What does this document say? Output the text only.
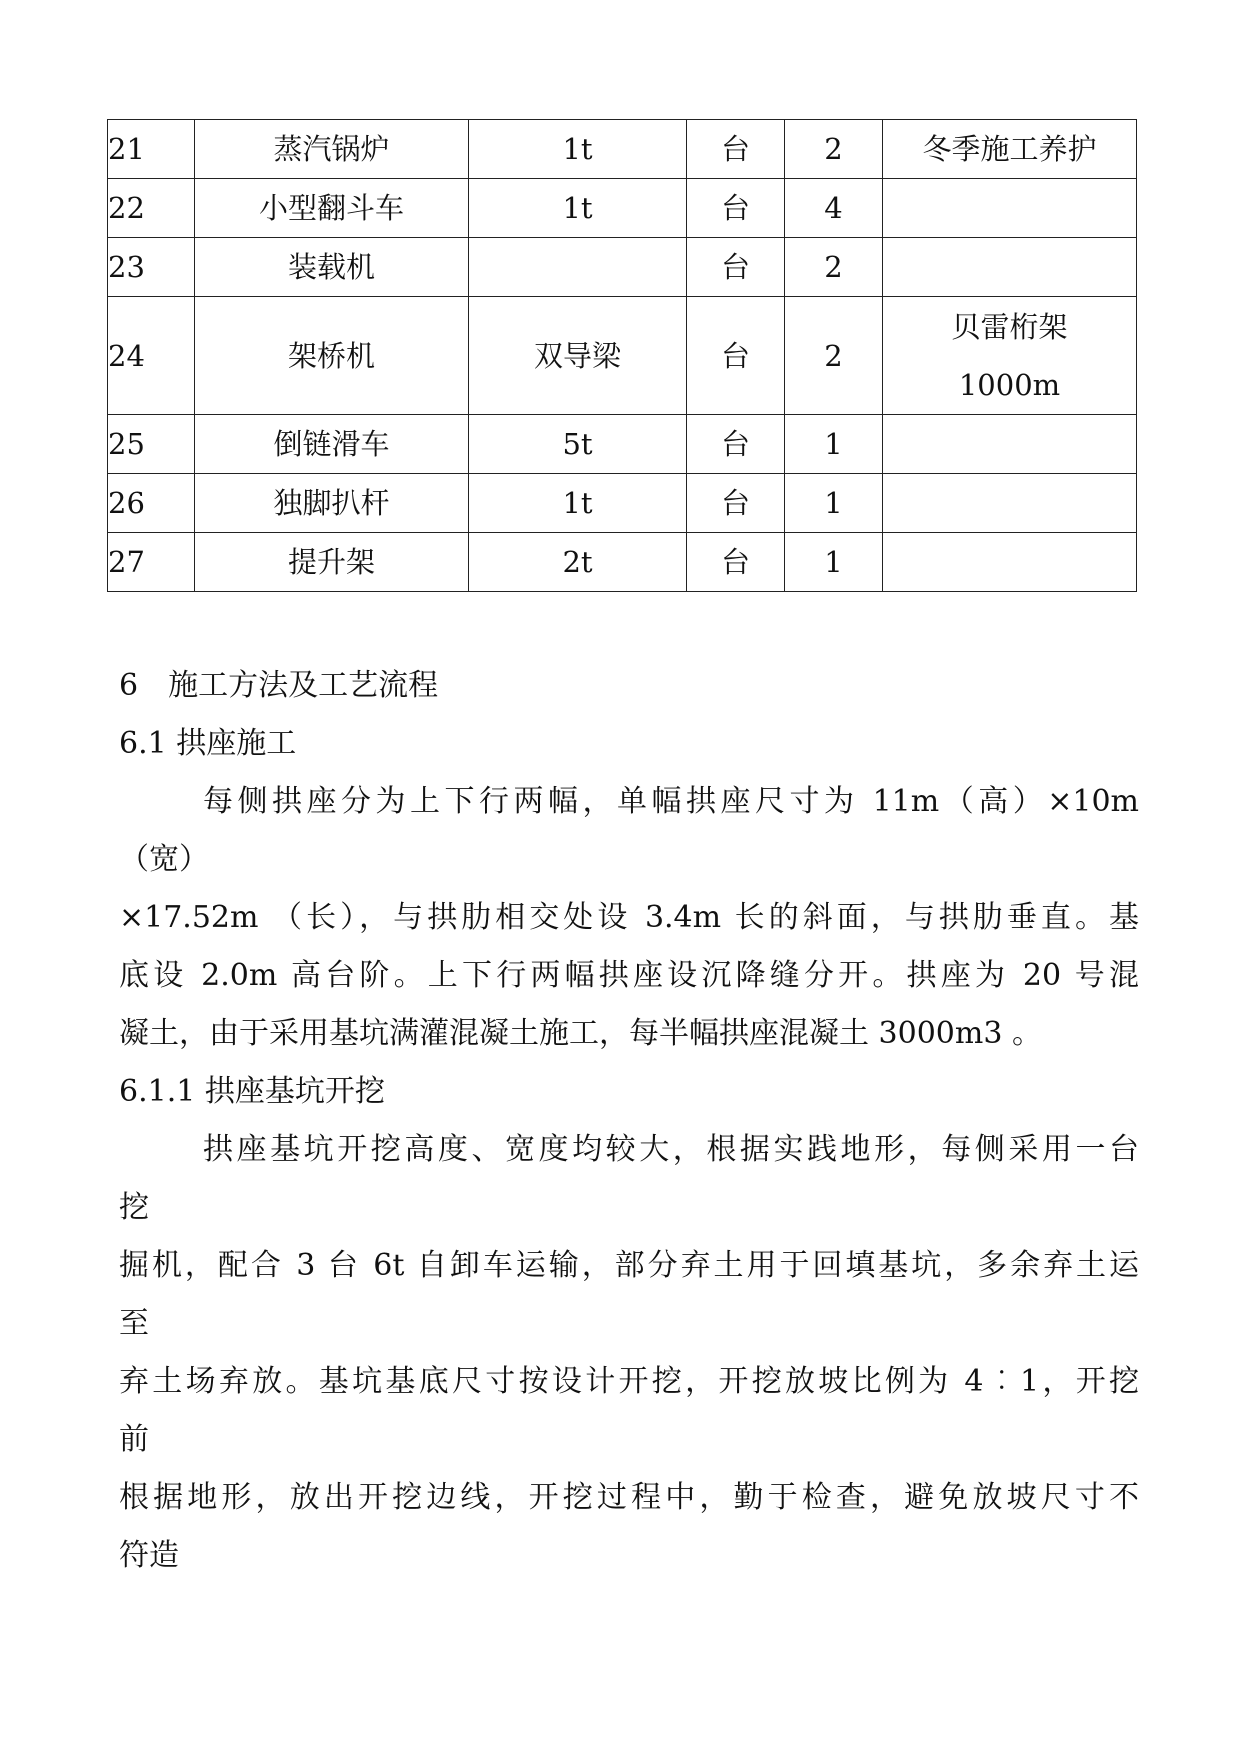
21	蒸汽锅炉	1t	台	2	冬季施工养护

22	小型翻斗车	1t	台	4	
23	装载机		台	2	
24	架桥机	双导梁	台	2	贝雷桁架
1000m

25	倒链滑车	5t	台	1	
26	独脚扒杆	1t	台	1	
27	提升架	2t	台	1	
6　施工方法及工艺流程
6.1 拱座施工
每侧拱座分为上下行两幅，单幅拱座尺寸为 11m（高）×10m
（宽）
×17.52m （长），与拱肋相交处设 3.4m 长的斜面，与拱肋垂直。基
底设 2.0m 高台阶。上下行两幅拱座设沉降缝分开。拱座为 20 号混
凝土，由于采用基坑满灌混凝土施工，每半幅拱座混凝土 3000m3 。
6.1.1 拱座基坑开挖
拱座基坑开挖高度、宽度均较大，根据实践地形，每侧采用一台
挖
掘机，配合 3 台 6t 自卸车运输，部分弃土用于回填基坑，多余弃土运
至
弃土场弃放。基坑基底尺寸按设计开挖，开挖放坡比例为 4︰1，开挖
前
根据地形，放出开挖边线，开挖过程中，勤于检查，避免放坡尺寸不
符造
